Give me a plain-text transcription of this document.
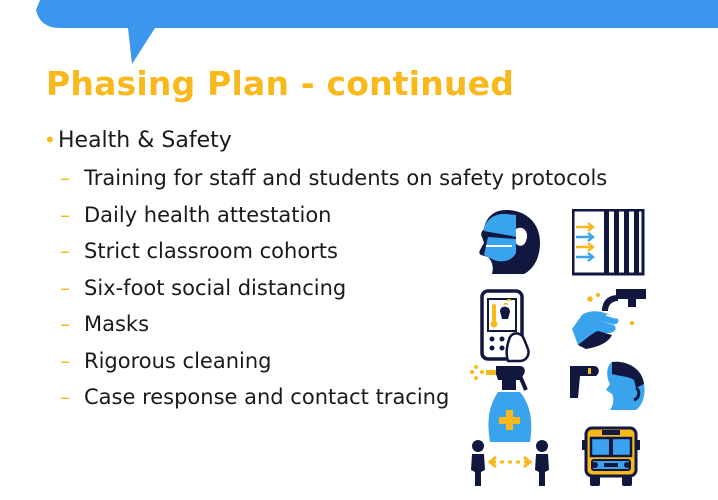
Phasing Plan - continued
• Health & Safety
– Training for staff and students on safety protocols
– Daily health attestation
– Strict classroom cohorts
– Six-foot social distancing
– Masks
– Rigorous cleaning
– Case response and contact tracing
